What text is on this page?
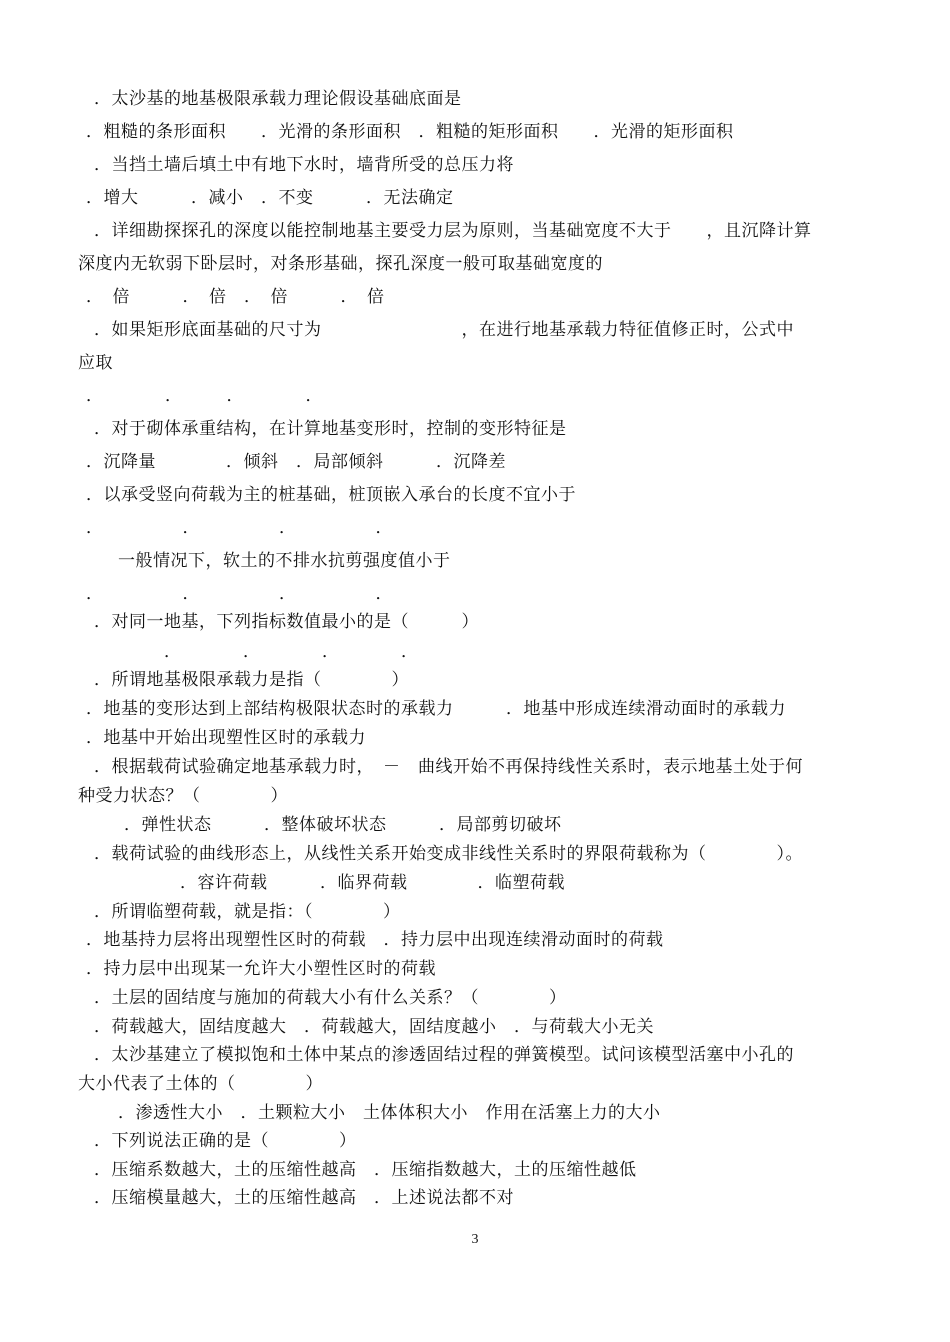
．太沙基的地基极限承载力理论假设基础底面是
．粗糙的条形面积　　．光滑的条形面积　．粗糙的矩形面积　　．光滑的矩形面积
．当挡土墙后填土中有地下水时，墙背所受的总压力将
．增大　　　．减小　．不变　　　．无法确定
．详细勘探探孔的深度以能控制地基主要受力层为原则，当基础宽度不大于　　，且沉降计算
深度内无软弱下卧层时，对条形基础，探孔深度一般可取基础宽度的
．　倍　　　．　倍　．　倍　　　．　倍
．如果矩形底面基础的尺寸为　　　　　　　　，在进行地基承载力特征值修正时，公式中
应取
．　　　　．　　　．　　　　．
．对于砌体承重结构，在计算地基变形时，控制的变形特征是
．沉降量　　　　．倾斜　．局部倾斜　　　．沉降差
．以承受竖向荷载为主的桩基础，桩顶嵌入承台的长度不宜小于
．　　　　　．　　　　　．　　　　　．
一般情况下，软土的不排水抗剪强度值小于
．　　　　　．　　　　　．　　　　　．
．对同一地基，下列指标数值最小的是（　　　）
．　　　　．　　　　．　　　　．
．所谓地基极限承载力是指（　　　　）
．地基的变形达到上部结构极限状态时的承载力　　　．地基中形成连续滑动面时的承载力
．地基中开始出现塑性区时的承载力
．根据载荷试验确定地基承载力时，　－　曲线开始不再保持线性关系时，表示地基土处于何
种受力状态？（　　　　）
．弹性状态　　　．整体破坏状态　　　．局部剪切破坏
．载荷试验的曲线形态上，从线性关系开始变成非线性关系时的界限荷载称为（　　　　）。
．容许荷载　　　．临界荷载　　　　．临塑荷载
．所谓临塑荷载，就是指：（　　　　）
．地基持力层将出现塑性区时的荷载　．持力层中出现连续滑动面时的荷载
．持力层中出现某一允许大小塑性区时的荷载
．土层的固结度与施加的荷载大小有什么关系？（　　　　）
．荷载越大，固结度越大　．荷载越大，固结度越小　．与荷载大小无关
．太沙基建立了模拟饱和土体中某点的渗透固结过程的弹簧模型。试问该模型活塞中小孔的
大小代表了土体的（　　　　）
．渗透性大小　．土颗粒大小　土体体积大小　作用在活塞上力的大小
．下列说法正确的是（　　　　）
．压缩系数越大，土的压缩性越高　．压缩指数越大，土的压缩性越低
．压缩模量越大，土的压缩性越高　．上述说法都不对
3
